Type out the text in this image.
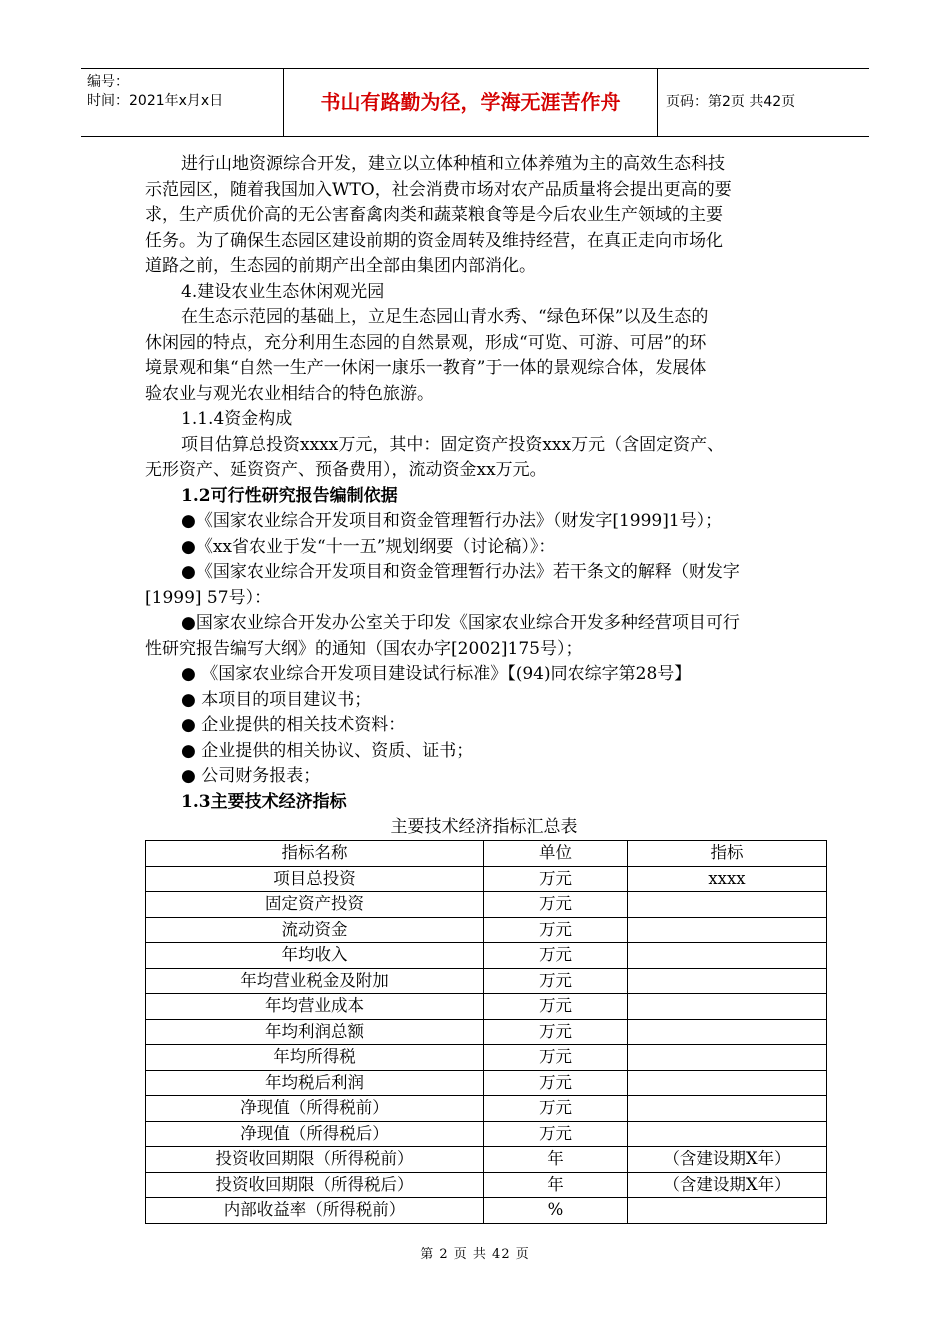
编号：
时间：2021年x月x日	书山有路勤为径，学海无涯苦作舟	页码：第2页 共42页

进行山地资源综合开发，建立以立体种植和立体养殖为主的高效生态科技

示范园区，随着我国加入WTO，社会消费市场对农产品质量将会提出更高的要

求，生产质优价高的无公害畜禽肉类和蔬菜粮食等是今后农业生产领域的主要

任务。为了确保生态园区建设前期的资金周转及维持经营，在真正走向市场化

道路之前，生态园的前期产出全部由集团内部消化。

4.建设农业生态休闲观光园

在生态示范园的基础上，立足生态园山青水秀、“绿色环保”以及生态的

休闲园的特点，充分利用生态园的自然景观，形成“可览、可游、可居”的环

境景观和集“自然一生产一休闲一康乐一教育”于一体的景观综合体，发展体

验农业与观光农业相结合的特色旅游。

1.1.4资金构成

项目估算总投资xxxx万元，其中：固定资产投资xxx万元（含固定资产、

无形资产、延资资产、预备费用），流动资金xx万元。

1.2可行性研究报告编制依据

●《国家农业综合开发项目和资金管理暂行办法》（财发字[1999]1号）；

●《xx省农业于发“十一五”规划纲要（讨论稿）》：

●《国家农业综合开发项目和资金管理暂行办法》若干条文的解释（财发字

[1999] 57号）：

●国家农业综合开发办公室关于印发《国家农业综合开发多种经营项目可行

性研究报告编写大纲》的通知（国农办字[2002]175号）；

● 《国家农业综合开发项目建设试行标准》【(94)同农综字第28号】

● 本项目的项目建议书；

● 企业提供的相关技术资料：

● 企业提供的相关协议、资质、证书；

● 公司财务报表；

1.3主要技术经济指标

主要技术经济指标汇总表
指标名称	单位	指标
项目总投资	万元	xxxx
固定资产投资	万元	
流动资金	万元	
年均收入	万元	
年均营业税金及附加	万元	
年均营业成本	万元	
年均利润总额	万元	
年均所得税	万元	
年均税后利润	万元	
净现值（所得税前）	万元	
净现值（所得税后）	万元	
投资收回期限（所得税前）	年	（含建设期X年）
投资收回期限（所得税后）	年	（含建设期X年）
内部收益率（所得税前）	%	
第 2 页 共 42 页
